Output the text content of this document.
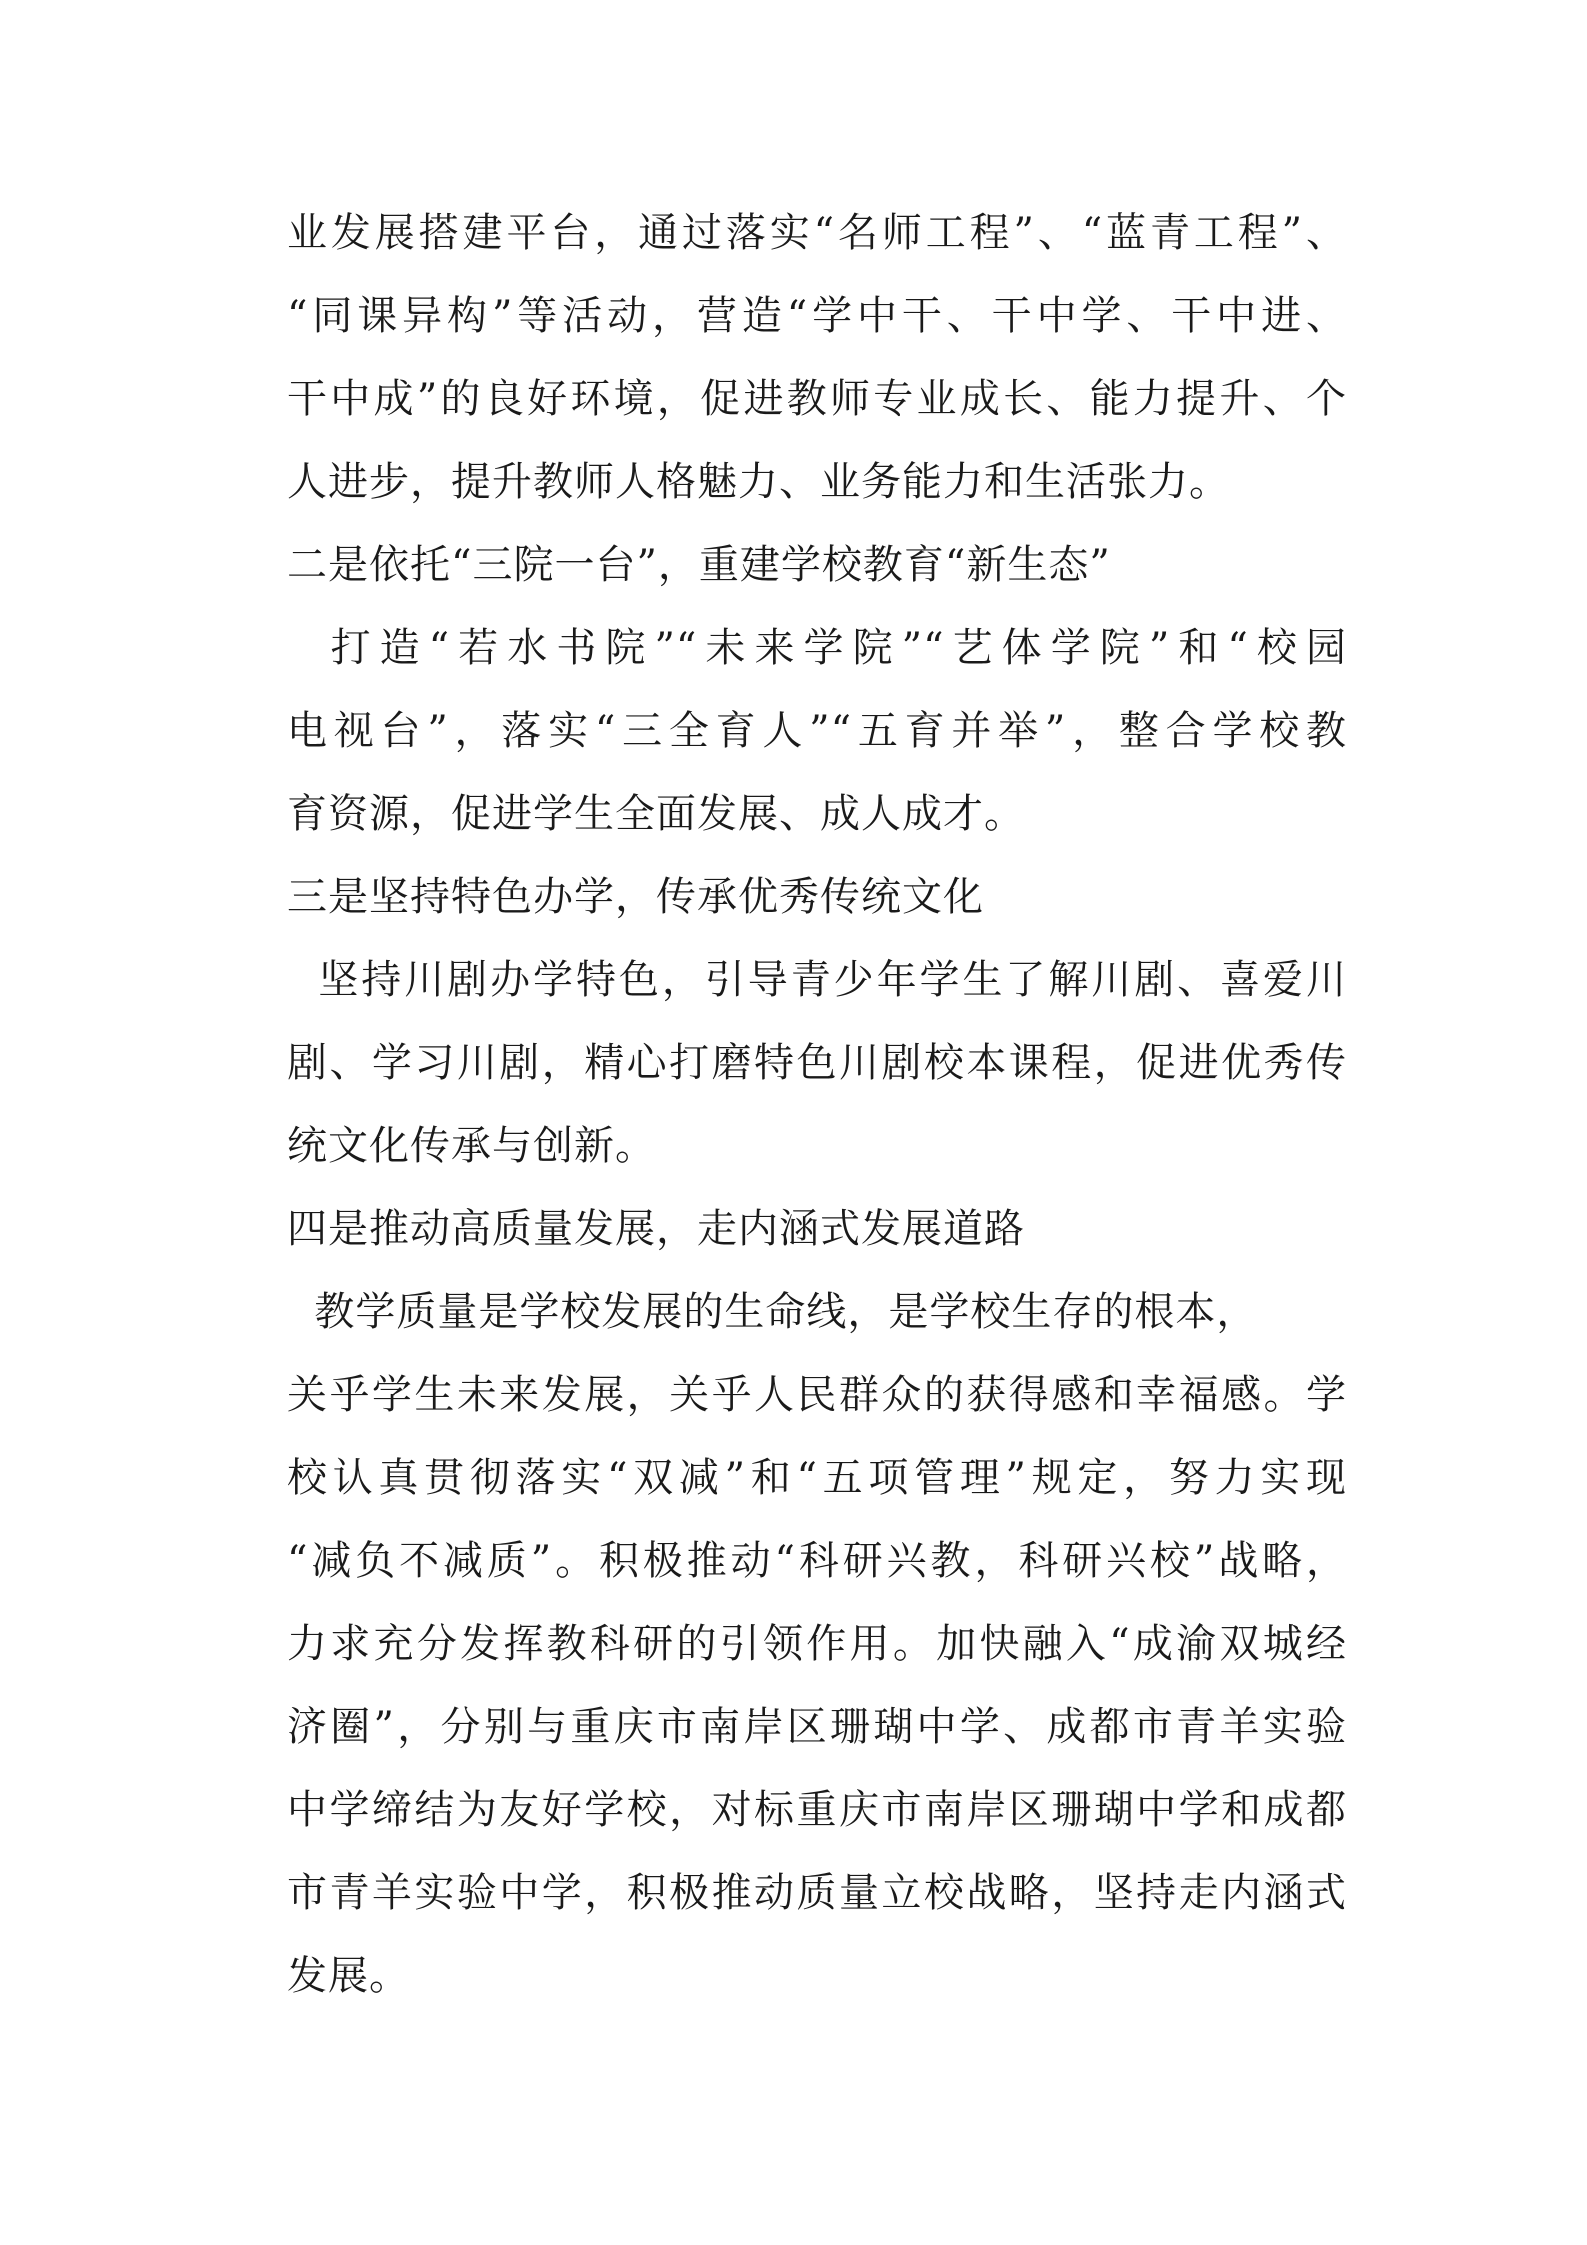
业发展搭建平台，通过落实“名师工程”、“蓝青工程”、
“同课异构”等活动，营造“学中干、干中学、干中进、
干中成”的良好环境，促进教师专业成长、能力提升、个
人进步，提升教师人格魅力、业务能力和生活张力。
二是依托“三院一台”，重建学校教育“新生态”
打造“若水书院”“未来学院”“艺体学院”和“校园
电视台”，落实“三全育人”“五育并举”，整合学校教
育资源，促进学生全面发展、成人成才。
三是坚持特色办学，传承优秀传统文化
坚持川剧办学特色，引导青少年学生了解川剧、喜爱川
剧、学习川剧，精心打磨特色川剧校本课程，促进优秀传
统文化传承与创新。
四是推动高质量发展，走内涵式发展道路
教学质量是学校发展的生命线，是学校生存的根本，
关乎学生未来发展，关乎人民群众的获得感和幸福感。学
校认真贯彻落实“双减”和“五项管理”规定，努力实现
“减负不减质”。积极推动“科研兴教，科研兴校”战略，
力求充分发挥教科研的引领作用。加快融入“成渝双城经
济圈”，分别与重庆市南岸区珊瑚中学、成都市青羊实验
中学缔结为友好学校，对标重庆市南岸区珊瑚中学和成都
市青羊实验中学，积极推动质量立校战略，坚持走内涵式
发展。
